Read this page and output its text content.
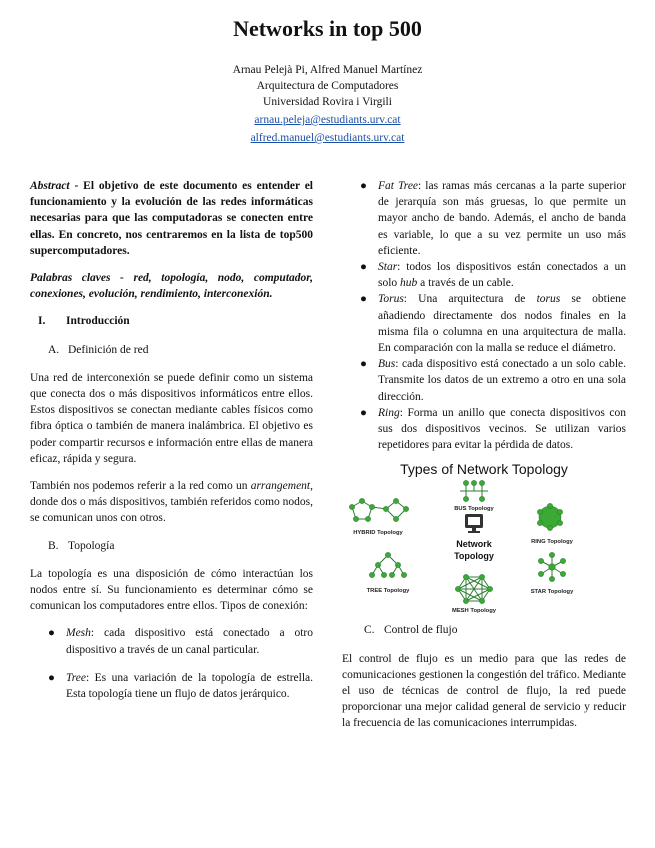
Networks in top 500
Arnau Pelejà Pi, Alfred Manuel Martínez
Arquitectura de Computadores
Universidad Rovira i Virgili
arnau.peleja@estudiants.urv.cat
alfred.manuel@estudiants.urv.cat

Abstract - El objetivo de este documento es entender el funcionamiento y la evolución de las redes informáticas necesarias para que las computadoras se conecten entre ellas. En concreto, nos centraremos en la lista de top500 supercomputadores.

Palabras claves - red, topología, nodo, computador, conexiones, evolución, rendimiento, interconexión.

I. Introducción
A. Definición de red

Una red de interconexión se puede definir como un sistema que conecta dos o más dispositivos informáticos entre ellos. Estos dispositivos se conectan mediante cables físicos como fibra óptica o también de manera inalámbrica. El objetivo es poder compartir recursos e información entre ellas de manera eficaz, rápida y segura.

También nos podemos referir a la red como un arrangement, donde dos o más dispositivos, también referidos como nodos, se comunican unos con otros.

B. Topología

La topología es una disposición de cómo interactúan los nodos entre sí. Su funcionamiento es determinar cómo se comunican los computadores entre ellos. Tipos de conexión:

● Mesh: cada dispositivo está conectado a otro dispositivo a través de un canal particular.
● Tree: Es una variación de la topología de estrella. Esta topología tiene un flujo de datos jerárquico.
● Fat Tree: las ramas más cercanas a la parte superior de jerarquía son más gruesas, lo que permite un mayor ancho de bando. Además, el ancho de banda es variable, lo que a su vez permite un uso más eficiente.
● Star: todos los dispositivos están conectados a un solo hub a través de un cable.
● Torus: Una arquitectura de torus se obtiene añadiendo directamente dos nodos finales en la misma fila o columna en una arquitectura de malla. En comparación con la malla se reduce el diámetro.
● Bus: cada dispositivo está conectado a un solo cable. Transmite los datos de un extremo a otro en una sola dirección.
● Ring: Forma un anillo que conecta dispositivos con sus dos dispositivos vecinos. Se utilizan varios repetidores para evitar la pérdida de datos.
Types of Network Topology
BUS Topology
HYBRID Topology
Network
Topology
RING Topology
TREE Topology
MESH Topology
STAR Topology
C. Control de flujo

El control de flujo es un medio para que las redes de comunicaciones gestionen la congestión del tráfico. Mediante el uso de técnicas de control de flujo, la red puede proporcionar una mejor calidad general de servicio y reducir la frecuencia de las comunicaciones interrumpidas.
